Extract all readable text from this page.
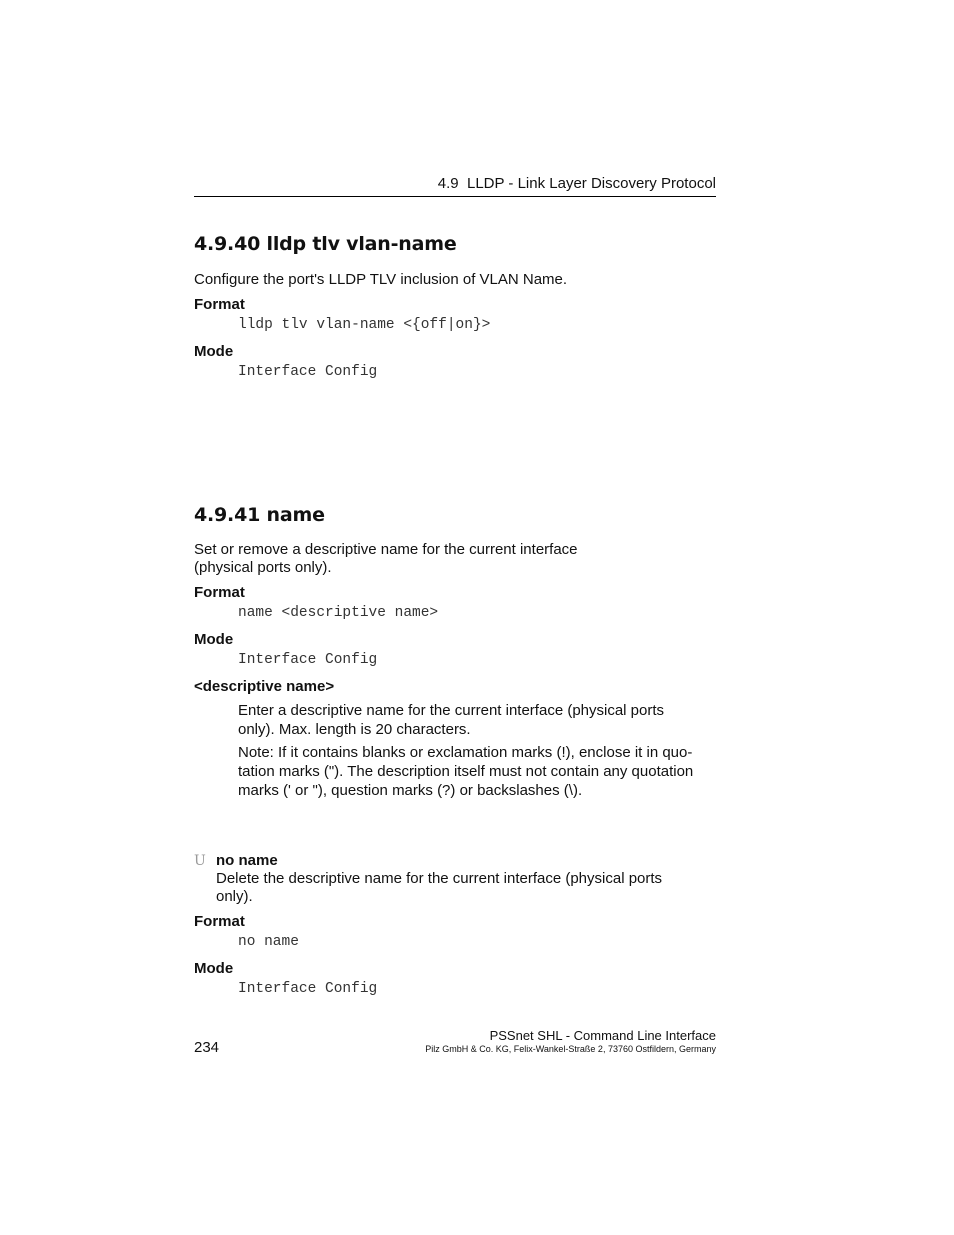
4.9 LLDP - Link Layer Discovery Protocol
4.9.40 lldp tlv vlan-name
Configure the port's LLDP TLV inclusion of VLAN Name.
Format
lldp tlv vlan-name <{off|on}>
Mode
Interface Config
4.9.41 name
Set or remove a descriptive name for the current interface
(physical ports only).
Format
name <descriptive name>
Mode
Interface Config
<descriptive name>
Enter a descriptive name for the current interface (physical ports
only). Max. length is 20 characters.
Note: If it contains blanks or exclamation marks (!), enclose it in quo-
tation marks ("). The description itself must not contain any quotation
marks (' or "), question marks (?) or backslashes (\).
U no name
Delete the descriptive name for the current interface (physical ports
only).
Format
no name
Mode
Interface Config
234
PSSnet SHL - Command Line Interface
Pilz GmbH & Co. KG, Felix-Wankel-Straße 2, 73760 Ostfildern, Germany
